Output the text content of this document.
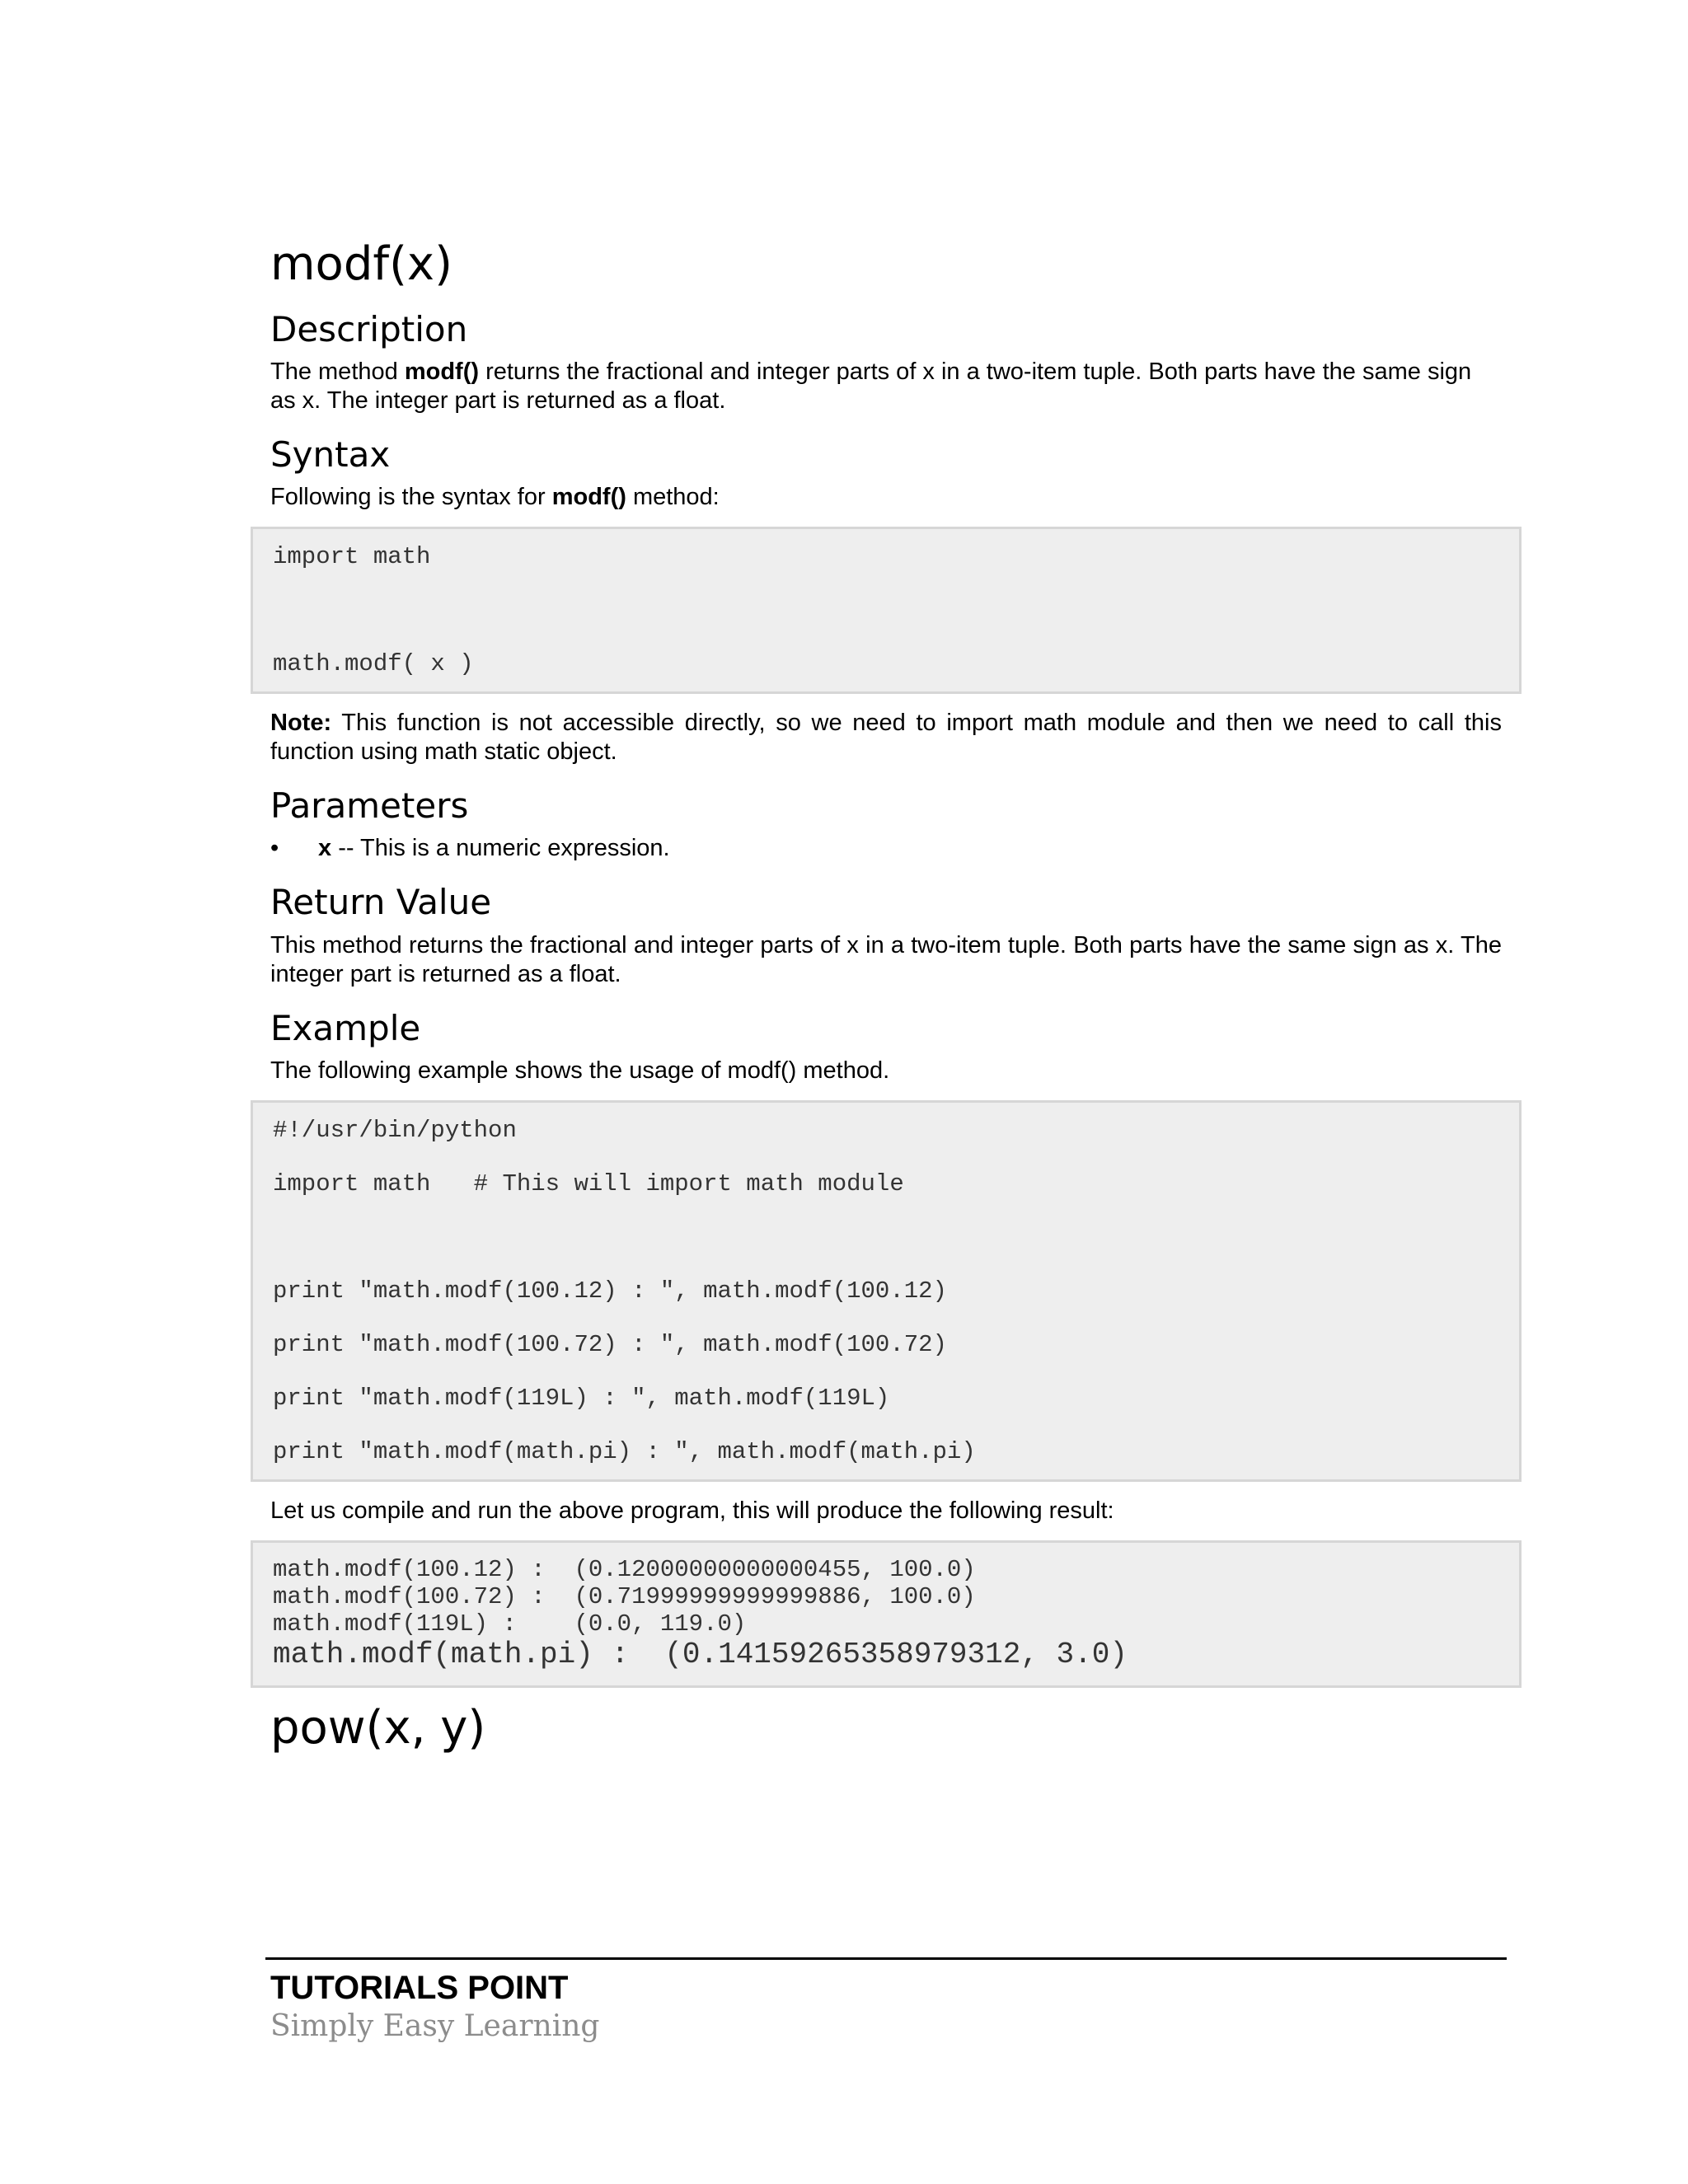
modf(x)
Description

The method modf() returns the fractional and integer parts of x in a two-item tuple. Both parts have the same sign as x. The integer part is returned as a float.

Syntax

Following is the syntax for modf() method:

import math
math.modf( x )

Note: This function is not accessible directly, so we need to import math module and then we need to call this function using math static object.

Parameters
• x -- This is a numeric expression.
Return Value

This method returns the fractional and integer parts of x in a two-item tuple. Both parts have the same sign as x. The integer part is returned as a float.

Example

The following example shows the usage of modf() method.

#!/usr/bin/python
import math   # This will import math module
print "math.modf(100.12) : ", math.modf(100.12)
print "math.modf(100.72) : ", math.modf(100.72)
print "math.modf(119L) : ", math.modf(119L)
print "math.modf(math.pi) : ", math.modf(math.pi)

Let us compile and run the above program, this will produce the following result:

math.modf(100.12) :  (0.12000000000000455, 100.0)
math.modf(100.72) :  (0.71999999999999886, 100.0)
math.modf(119L) :    (0.0, 119.0)
math.modf(math.pi) :  (0.14159265358979312, 3.0)
pow(x, y)
TUTORIALS POINT
Simply Easy Learning
